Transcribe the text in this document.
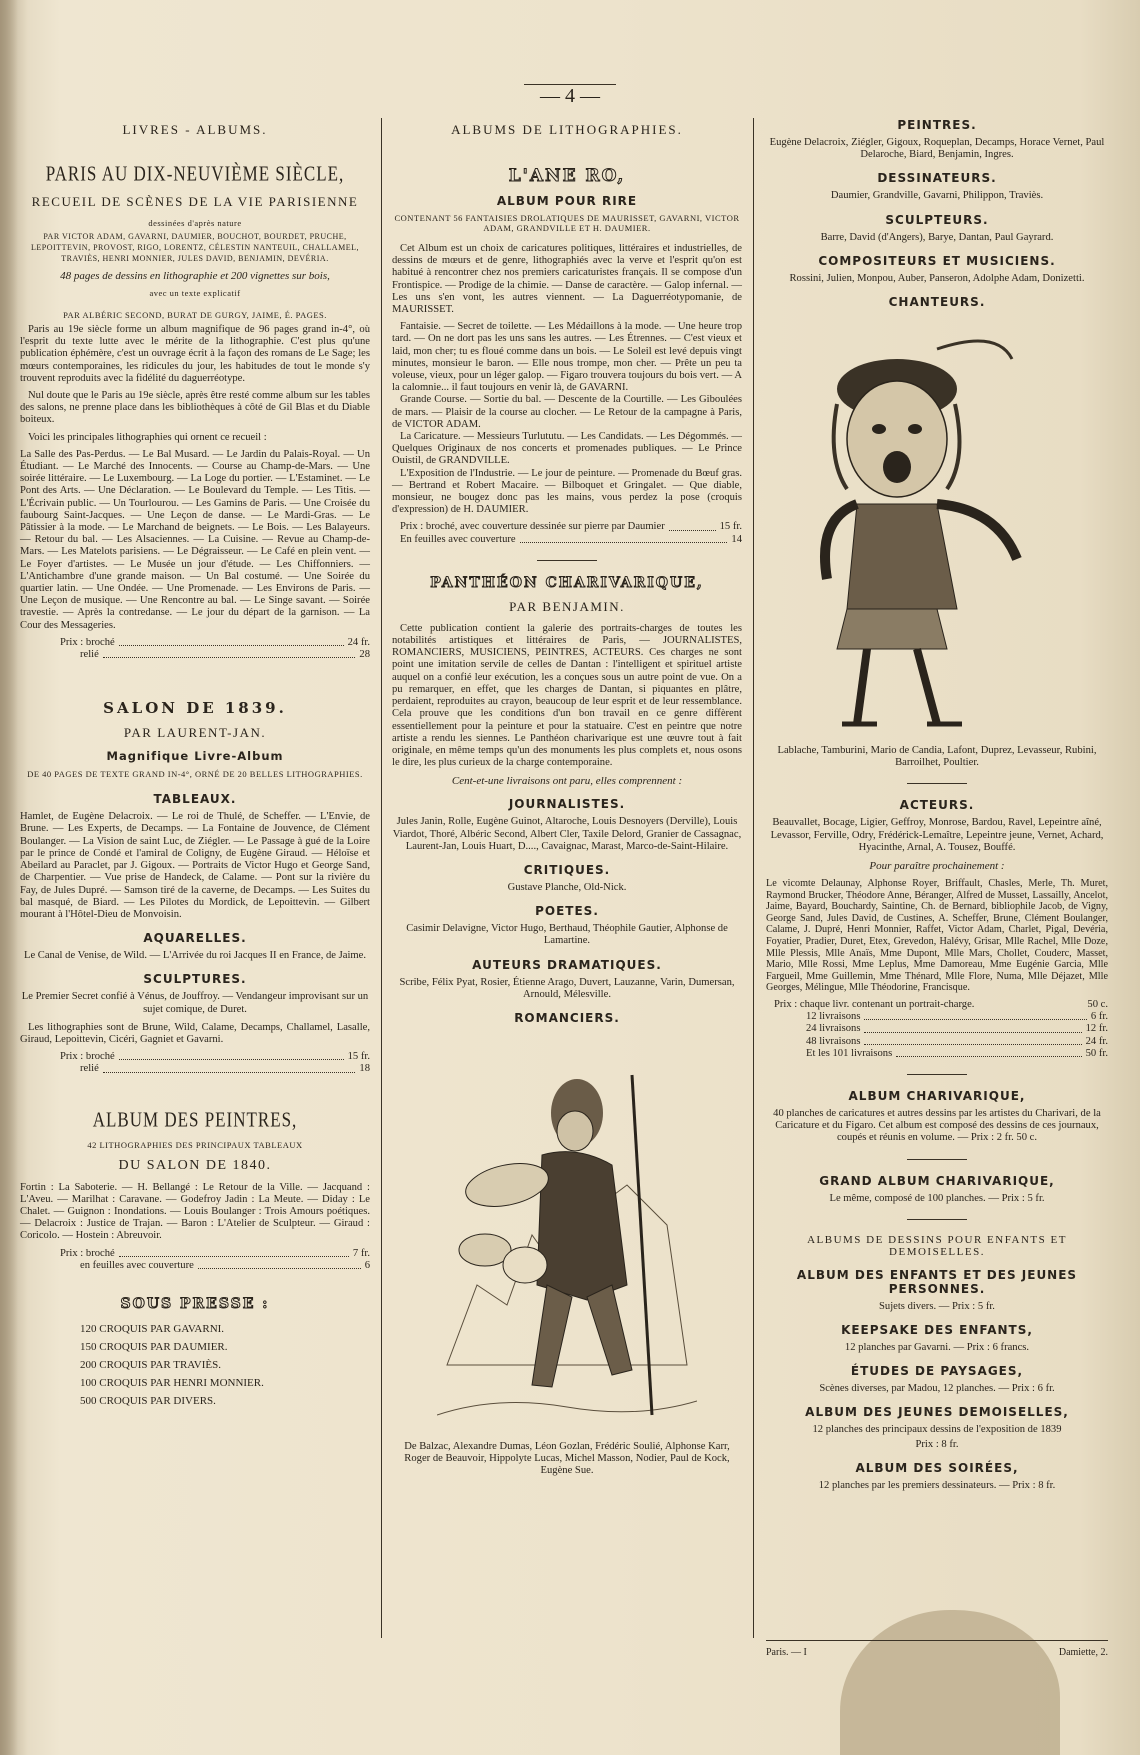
— 4 —
LIVRES - ALBUMS.
PARIS AU DIX-NEUVIÈME SIÈCLE,
RECUEIL DE SCÈNES DE LA VIE PARISIENNE
dessinées d'après nature
PAR VICTOR ADAM, GAVARNI, DAUMIER, BOUCHOT, BOURDET, PRUCHE, LEPOITTEVIN, PROVOST, RIGO, LORENTZ, CÉLESTIN NANTEUIL, CHALLAMEL, TRAVIÈS, HENRI MONNIER, JULES DAVID, BENJAMIN, DEVÉRIA.
48 pages de dessins en lithographie et 200 vignettes sur bois,
avec un texte explicatif
PAR ALBÉRIC SECOND, BURAT DE GURGY, JAIME, É. PAGES.

Paris au 19e siècle forme un album magnifique de 96 pages grand in-4°, où l'esprit du texte lutte avec le mérite de la lithographie. C'est plus qu'une publication éphémère, c'est un ouvrage écrit à la façon des romans de Le Sage; les mœurs contemporaines, les ridicules du jour, les habitudes de tout le monde s'y trouvent reproduits avec la fidélité du daguerréotype.

Nul doute que le Paris au 19e siècle, après être resté comme album sur les tables des salons, ne prenne place dans les bibliothèques à côté de Gil Blas et du Diable boiteux.

Voici les principales lithographies qui ornent ce recueil :

La Salle des Pas-Perdus. — Le Bal Musard. — Le Jardin du Palais-Royal. — Un Étudiant. — Le Marché des Innocents. — Course au Champ-de-Mars. — Une soirée littéraire. — Le Luxembourg. — La Loge du portier. — L'Estaminet. — Le Pont des Arts. — Une Déclaration. — Le Boulevard du Temple. — Les Titis. — L'Écrivain public. — Un Tourlourou. — Les Gamins de Paris. — Une Croisée du faubourg Saint-Jacques. — Une Leçon de danse. — Le Mardi-Gras. — Le Pâtissier à la mode. — Le Marchand de beignets. — Le Bois. — Les Balayeurs. — Retour du bal. — Les Alsaciennes. — La Cuisine. — Revue au Champ-de-Mars. — Les Matelots parisiens. — Le Dégraisseur. — Le Café en plein vent. — Le Foyer d'artistes. — Le Musée un jour d'étude. — Les Chiffonniers. — L'Antichambre d'une grande maison. — Un Bal costumé. — Une Soirée du quartier latin. — Une Ondée. — Une Promenade. — Les Environs de Paris. — Une Leçon de musique. — Une Rencontre au bal. — Le Singe savant. — Soirée travestie. — Après la contredanse. — Le jour du départ de la garnison. — La Cour des Messageries.

Prix : broché	24 fr.
relié	28
SALON DE 1839.
PAR LAURENT-JAN.
Magnifique Livre-Album
DE 40 PAGES DE TEXTE GRAND IN-4°, ORNÉ DE 20 BELLES LITHOGRAPHIES.
TABLEAUX.

Hamlet, de Eugène Delacroix. — Le roi de Thulé, de Scheffer. — L'Envie, de Brune. — Les Experts, de Decamps. — La Fontaine de Jouvence, de Clément Boulanger. — La Vision de saint Luc, de Ziégler. — Le Passage à gué de la Loire par le prince de Condé et l'amiral de Coligny, de Eugène Giraud. — Héloïse et Abeilard au Paraclet, par J. Gigoux. — Portraits de Victor Hugo et George Sand, de Charpentier. — Vue prise de Handeck, de Calame. — Pont sur la rivière du Fay, de Jules Dupré. — Samson tiré de la caverne, de Decamps. — Les Suites du bal masqué, de Biard. — Les Pilotes du Mordick, de Lepoittevin. — Gilbert mourant à l'Hôtel-Dieu de Monvoisin.

AQUARELLES.

Le Canal de Venise, de Wild. — L'Arrivée du roi Jacques II en France, de Jaime.

SCULPTURES.

Le Premier Secret confié à Vénus, de Jouffroy. — Vendangeur improvisant sur un sujet comique, de Duret.

Les lithographies sont de Brune, Wild, Calame, Decamps, Challamel, Lasalle, Giraud, Lepoittevin, Cicéri, Gagniet et Gavarni.

Prix : broché	15 fr.
relié	18
ALBUM DES PEINTRES,
42 LITHOGRAPHIES DES PRINCIPAUX TABLEAUX
DU SALON DE 1840.

Fortin : La Saboterie. — H. Bellangé : Le Retour de la Ville. — Jacquand : L'Aveu. — Marilhat : Caravane. — Godefroy Jadin : La Meute. — Diday : Le Chalet. — Guignon : Inondations. — Louis Boulanger : Trois Amours poétiques. — Delacroix : Justice de Trajan. — Baron : L'Atelier de Sculpteur. — Giraud : Coricolo. — Hostein : Abreuvoir.

Prix : broché	7 fr.
en feuilles avec couverture	6
SOUS PRESSE :
120 CROQUIS PAR GAVARNI.
150 CROQUIS PAR DAUMIER.
200 CROQUIS PAR TRAVIÈS.
100 CROQUIS PAR HENRI MONNIER.
500 CROQUIS PAR DIVERS.
ALBUMS DE LITHOGRAPHIES.
L'ANE RO,
ALBUM POUR RIRE
CONTENANT 56 FANTAISIES DROLATIQUES DE MAURISSET, GAVARNI, VICTOR ADAM, GRANDVILLE ET H. DAUMIER.

Cet Album est un choix de caricatures politiques, littéraires et industrielles, de dessins de mœurs et de genre, lithographiés avec la verve et l'esprit qu'on est habitué à rencontrer chez nos premiers caricaturistes français. Il se compose d'un Frontispice. — Prodige de la chimie. — Danse de caractère. — Galop infernal. — Les uns s'en vont, les autres viennent. — La Daguerréotypomanie, de MAURISSET.

Fantaisie. — Secret de toilette. — Les Médaillons à la mode. — Une heure trop tard. — On ne dort pas les uns sans les autres. — Les Étrennes. — C'est vieux et laid, mon cher; tu es floué comme dans un bois. — Le Soleil est levé depuis vingt minutes, monsieur le baron. — Elle nous trompe, mon cher. — Prête un peu ta voleuse, vieux, pour un léger galop. — Figaro trouvera toujours du bois vert. — A la calomnie... il faut toujours en venir là, de GAVARNI.

Grande Course. — Sortie du bal. — Descente de la Courtille. — Les Giboulées de mars. — Plaisir de la course au clocher. — Le Retour de la campagne à Paris, de VICTOR ADAM.

La Caricature. — Messieurs Turlututu. — Les Candidats. — Les Dégommés. — Quelques Originaux de nos concerts et promenades publiques. — Le Prince Ouistil, de GRANDVILLE.

L'Exposition de l'Industrie. — Le jour de peinture. — Promenade du Bœuf gras. — Bertrand et Robert Macaire. — Bilboquet et Gringalet. — Que diable, monsieur, ne bougez donc pas les mains, vous perdez la pose (croquis d'expression) de H. DAUMIER.

Prix : broché, avec couverture dessinée sur pierre par Daumier	15 fr.
En feuilles avec couverture	14
PANTHÉON CHARIVARIQUE,
PAR BENJAMIN.

Cette publication contient la galerie des portraits-charges de toutes les notabilités artistiques et littéraires de Paris, — JOURNALISTES, ROMANCIERS, MUSICIENS, PEINTRES, ACTEURS. Ces charges ne sont point une imitation servile de celles de Dantan : l'intelligent et spirituel artiste auquel on a confié leur exécution, les a conçues sous un autre point de vue. On a pu remarquer, en effet, que les charges de Dantan, si piquantes en plâtre, perdaient, reproduites au crayon, beaucoup de leur esprit et de leur ressemblance. Cela prouve que les conditions d'un bon travail en ce genre diffèrent essentiellement pour la peinture et pour la statuaire. C'est en peintre que notre artiste a rendu les siennes. Le Panthéon charivarique est une œuvre tout à fait originale, en même temps qu'un des monuments les plus complets et, nous osons le dire, les plus curieux de la charge contemporaine.

Cent-et-une livraisons ont paru, elles comprennent :
JOURNALISTES.

Jules Janin, Rolle, Eugène Guinot, Altaroche, Louis Desnoyers (Derville), Louis Viardot, Thoré, Albéric Second, Albert Cler, Taxile Delord, Granier de Cassagnac, Laurent-Jan, Louis Huart, D...., Cavaignac, Marast, Marco-de-Saint-Hilaire.

CRITIQUES.

Gustave Planche, Old-Nick.

POETES.

Casimir Delavigne, Victor Hugo, Berthaud, Théophile Gautier, Alphonse de Lamartine.

AUTEURS DRAMATIQUES.

Scribe, Félix Pyat, Rosier, Étienne Arago, Duvert, Lauzanne, Varin, Dumersan, Arnould, Mélesville.

ROMANCIERS.

De Balzac, Alexandre Dumas, Léon Gozlan, Frédéric Soulié, Alphonse Karr, Roger de Beauvoir, Hippolyte Lucas, Michel Masson, Nodier, Paul de Kock, Eugène Sue.

PEINTRES.

Eugène Delacroix, Ziégler, Gigoux, Roqueplan, Decamps, Horace Vernet, Paul Delaroche, Biard, Benjamin, Ingres.

DESSINATEURS.

Daumier, Grandville, Gavarni, Philippon, Traviès.

SCULPTEURS.

Barre, David (d'Angers), Barye, Dantan, Paul Gayrard.

COMPOSITEURS ET MUSICIENS.

Rossini, Julien, Monpou, Auber, Panseron, Adolphe Adam, Donizetti.

CHANTEURS.

Lablache, Tamburini, Mario de Candia, Lafont, Duprez, Levasseur, Rubini, Barroilhet, Poultier.

ACTEURS.

Beauvallet, Bocage, Ligier, Geffroy, Monrose, Bardou, Ravel, Lepeintre aîné, Levassor, Ferville, Odry, Frédérick-Lemaître, Lepeintre jeune, Vernet, Achard, Hyacinthe, Arnal, A. Tousez, Bouffé.

Pour paraître prochainement :

Le vicomte Delaunay, Alphonse Royer, Briffault, Chasles, Merle, Th. Muret, Raymond Brucker, Théodore Anne, Béranger, Alfred de Musset, Lassailly, Ancelot, Jaime, Bayard, Bouchardy, Saintine, Ch. de Bernard, bibliophile Jacob, de Vigny, George Sand, Jules David, de Custines, A. Scheffer, Brune, Clément Boulanger, Calame, J. Dupré, Henri Monnier, Raffet, Victor Adam, Charlet, Pigal, Devéria, Foyatier, Pradier, Duret, Etex, Grevedon, Halévy, Grisar, Mlle Rachel, Mlle Doze, Mlle Plessis, Mlle Anaïs, Mme Dupont, Mlle Mars, Chollet, Couderc, Masset, Mario, Mlle Rossi, Mme Leplus, Mme Damoreau, Mme Eugénie Garcia, Mlle Fargueil, Mme Guillemin, Mme Thénard, Mlle Flore, Numa, Mlle Déjazet, Mlle Georges, Mélingue, Mlle Théodorine, Francisque.

Prix : chaque livr. contenant un portrait-charge.	50 c.
12 livraisons	6 fr.
24 livraisons	12 fr.
48 livraisons	24 fr.
Et les 101 livraisons	50 fr.
ALBUM CHARIVARIQUE,

40 planches de caricatures et autres dessins par les artistes du Charivari, de la Caricature et du Figaro. Cet album est composé des dessins de ces journaux, coupés et réunis en volume. — Prix : 2 fr. 50 c.

GRAND ALBUM CHARIVARIQUE,

Le même, composé de 100 planches. — Prix : 5 fr.

ALBUMS DE DESSINS POUR ENFANTS ET DEMOISELLES.
ALBUM DES ENFANTS ET DES JEUNES PERSONNES.

Sujets divers. — Prix : 5 fr.

KEEPSAKE DES ENFANTS,

12 planches par Gavarni. — Prix : 6 francs.

ÉTUDES DE PAYSAGES,

Scènes diverses, par Madou, 12 planches. — Prix : 6 fr.

ALBUM DES JEUNES DEMOISELLES,

12 planches des principaux dessins de l'exposition de 1839

Prix : 8 fr.

ALBUM DES SOIRÉES,

12 planches par les premiers dessinateurs. — Prix : 8 fr.

Paris. — I	Damiette, 2.
